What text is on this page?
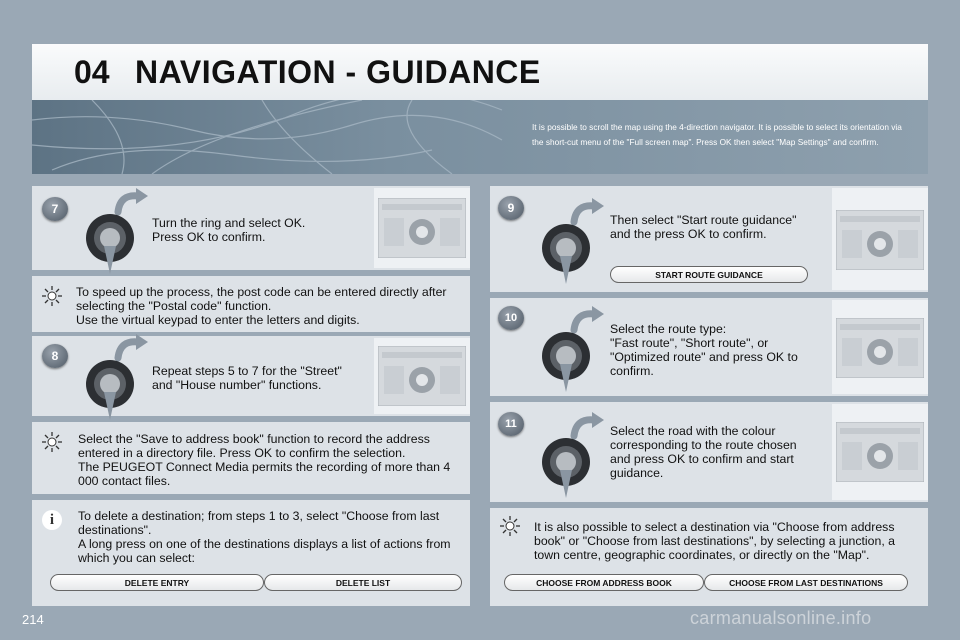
04 NAVIGATION - GUIDANCE
It is possible to scroll the map using the 4-direction navigator. It is possible to select its orientation via the short-cut menu of the "Full screen map". Press OK then select "Map Settings" and confirm.
7
Turn the ring and select OK.
Press OK to confirm.
To speed up the process, the post code can be entered directly after selecting the "Postal code" function.
Use the virtual keypad to enter the letters and digits.
8
Repeat steps 5 to 7 for the "Street" and "House number" functions.
Select the "Save to address book" function to record the address entered in a directory file. Press OK to confirm the selection.
The PEUGEOT Connect Media permits the recording of more than 4 000 contact files.
i	To delete a destination; from steps 1 to 3, select "Choose from last destinations".
A long press on one of the destinations displays a list of actions from which you can select:
DELETE ENTRY	DELETE LIST
9
Then select "Start route guidance" and the press OK to confirm.
START ROUTE GUIDANCE
10
Select the route type:
"Fast route", "Short route", or "Optimized route" and press OK to confirm.
11	Select the road with the colour corresponding to the route chosen and press OK to confirm and start guidance.
It is also possible to select a destination via "Choose from address book" or "Choose from last destinations", by selecting a junction, a town centre, geographic coordinates, or directly on the "Map".
CHOOSE FROM ADDRESS BOOK	CHOOSE FROM LAST DESTINATIONS
214	carmanualsonline.info
